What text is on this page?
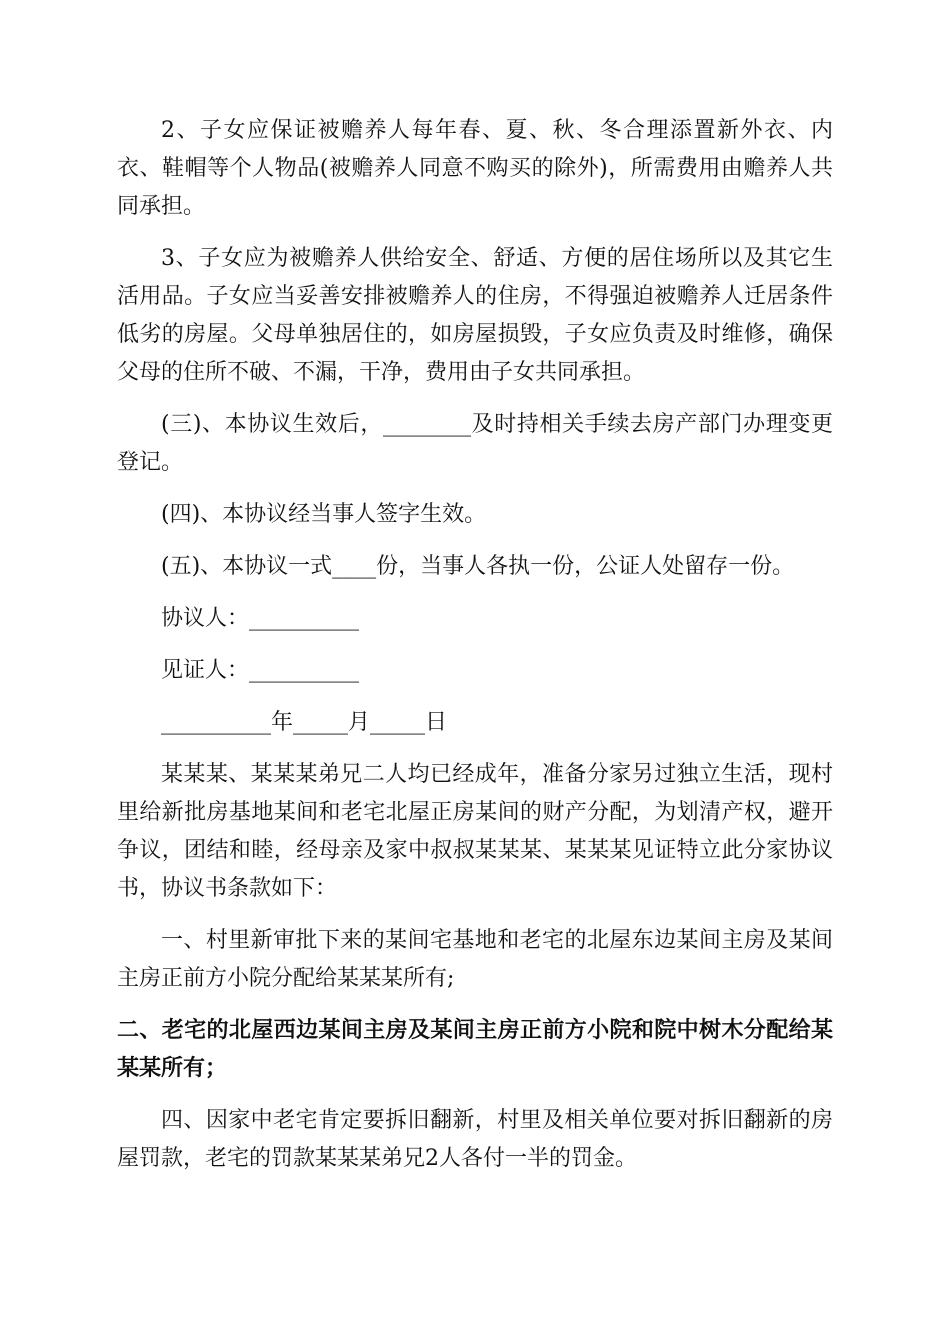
2、子女应保证被赡养人每年春、夏、秋、冬合理添置新外衣、内衣、鞋帽等个人物品(被赡养人同意不购买的除外)，所需费用由赡养人共同承担。

3、子女应为被赡养人供给安全、舒适、方便的居住场所以及其它生活用品。子女应当妥善安排被赡养人的住房，不得强迫被赡养人迁居条件低劣的房屋。父母单独居住的，如房屋损毁，子女应负责及时维修，确保父母的住所不破、不漏，干净，费用由子女共同承担。

(三)、本协议生效后，________及时持相关手续去房产部门办理变更登记。

(四)、本协议经当事人签字生效。

(五)、本协议一式____份，当事人各执一份，公证人处留存一份。

协议人：__________

见证人：__________

__________年_____月_____日

某某某、某某某弟兄二人均已经成年，准备分家另过独立生活，现村里给新批房基地某间和老宅北屋正房某间的财产分配，为划清产权，避开争议，团结和睦，经母亲及家中叔叔某某某、某某某见证特立此分家协议书，协议书条款如下：

一、村里新审批下来的某间宅基地和老宅的北屋东边某间主房及某间主房正前方小院分配给某某某所有;

二、老宅的北屋西边某间主房及某间主房正前方小院和院中树木分配给某某某所有；

四、因家中老宅肯定要拆旧翻新，村里及相关单位要对拆旧翻新的房屋罚款，老宅的罚款某某某弟兄2人各付一半的罚金。
